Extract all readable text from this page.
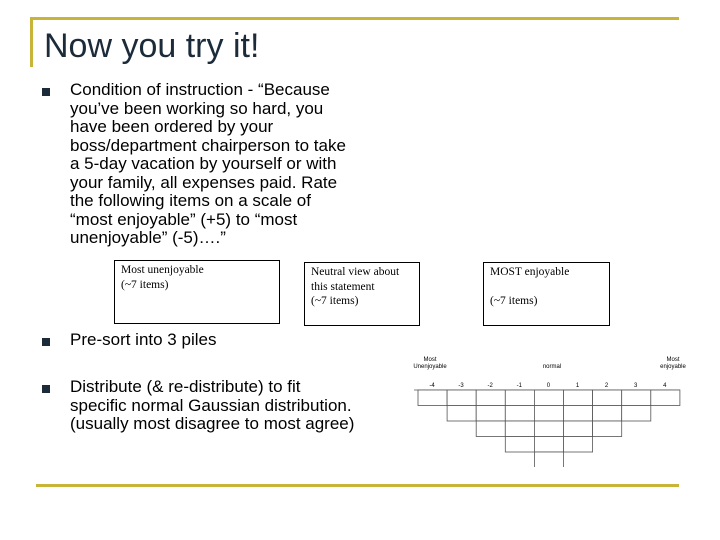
Now you try it!
Condition of instruction - “Because
you’ve been working so hard, you
have been ordered by your
boss/department chairperson to take
a 5-day vacation by yourself or with
your family, all expenses paid. Rate
the following items on a scale of
“most enjoyable” (+5) to “most
unenjoyable” (-5)….”
Most unenjoyable
(~7 items)
Neutral view about
this statement
(~7 items)
MOST enjoyable
(~7 items)
Pre-sort into 3 piles
Distribute (& re-distribute) to fit
specific normal Gaussian distribution.
(usually most disagree to most agree)
Most
Unenjoyable	normal
Most
enjoyable
-4	-3	-2	-1	0	1	2	3	4
